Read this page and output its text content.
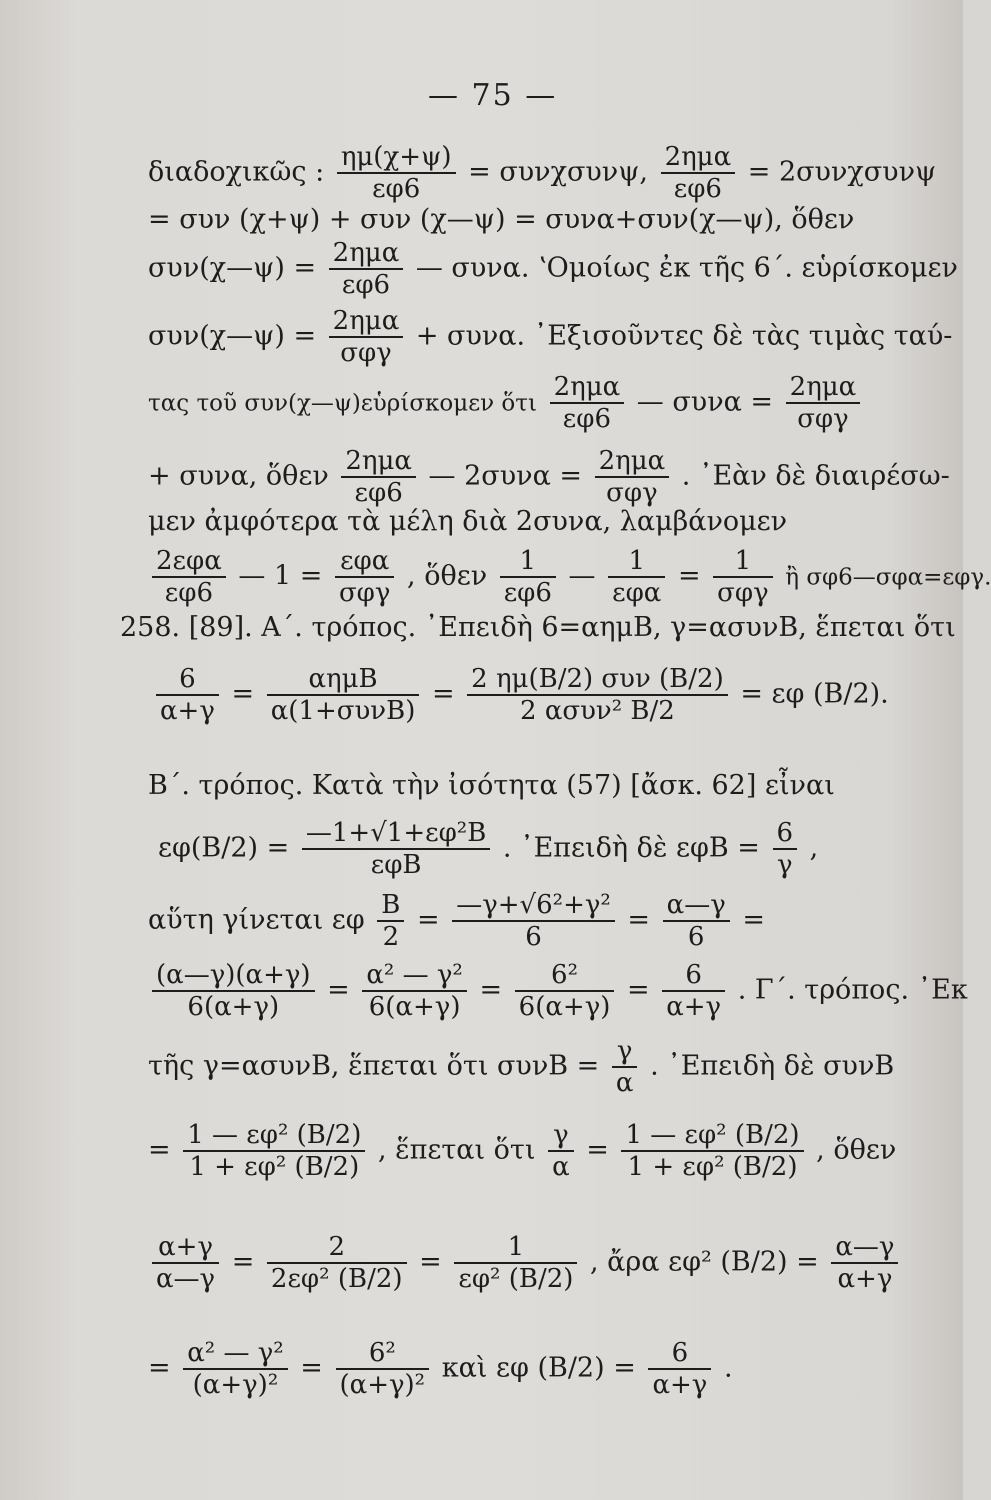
— 75 —
διαδοχικῶς : $\frac{\eta\mu(\chi+\psi)}{\varepsilon\varphi 6} = \sigma\upsilon\nu\chi\sigma\upsilon\nu\psi$, $\frac{\text{2ημα}}{\varepsilon\varphi 6} = 2\sigma\upsilon\nu\chi\sigma\upsilon\nu\psi$
= συν (χ+ψ) + συν (χ—ψ) = συνα+συν(χ—ψ), ὅθεν
συν(χ—ψ) = $\frac{\text{2ημα}}{\varepsilon\varphi 6}$ — συνα. ʽΟμοίως ἐκ τῆς 6΄. εὑρίσκομεν
συν(χ—ψ) = $\frac{\text{2ημα}}{\text{σφγ}} + \sigma\upsilon\nu\alpha$. ᾿Εξισοῦντες δὲ τὰς τιμὰς ταύ-
τας τοῦ συν(χ—ψ)εὑρίσκομεν ὅτι $\frac{\text{2ημα}}{\varepsilon\varphi 6}$ — $\sigma\upsilon\nu\alpha = \frac{\text{2ημα}}{\text{σφγ}}$
+ συνα, ὅθεν $\frac{\text{2ημα}}{\varepsilon\varphi 6}$ — $2\sigma\upsilon\nu\alpha = \frac{\text{2ημα}}{\text{σφγ}}$ . ᾿Εὰν δὲ διαιρέσω-
μεν ἀμφότερα τὰ μέλη διὰ 2συνα, λαμβάνομεν
$\frac{\text{2εφα}}{\varepsilon\varphi 6}$ — $1 = \frac{\text{εφα}}{\text{σφγ}}$ , ὅθεν $\frac{1}{\varepsilon\varphi 6}$ — $\frac{1}{\text{εφα}} = \frac{1}{\text{σφγ}}$ ἢ σφ6—σφα=εφγ.
258. [89]. Α΄. τρόπος. ᾿Επειδὴ 6=αημΒ, γ=ασυνΒ, ἕπεται ὅτι
$\frac{6}{\alpha+\gamma} = \frac{\text{αημΒ}}{\text{α(1+συνΒ)}} = \frac{\text{2 ημ(Β/2) συν (Β/2)}}{\text{2 ασυν² Β/2}} = \varepsilon\varphi$ (Β/2).
Β΄. τρόπος. Κατὰ τὴν ἰσότητα (57) [ἄσκ. 62] εἶναι
$\varepsilon\varphi(B/2) = \frac{\text{—1+√1+εφ²Β}}{\text{εφΒ}}$ . ᾿Επειδὴ δὲ $\varepsilon\varphi B = \frac{6}{\gamma}$ ,
αὕτη γίνεται εφ $\frac{B}{2} = \frac{\text{—γ+√6²+γ²}}{6} = \frac{\alpha—\gamma}{6}$ =
$\frac{(\alpha—\gamma)(\alpha+\gamma)}{6(\alpha+\gamma)} = \frac{\text{α² — γ²}}{6(\alpha+\gamma)} = \frac{\text{6²}}{6(\alpha+\gamma)} = \frac{6}{\alpha+\gamma}$ . Γ΄. τρόπος. ᾿Εκ
τῆς γ=ασυνΒ, ἕπεται ὅτι $\sigma\upsilon\nu B = \frac{\gamma}{\alpha}$ . ᾿Επειδὴ δὲ συνΒ
= $\frac{\text{1 — εφ² (Β/2)}}{\text{1 + εφ² (Β/2)}}$ , ἕπεται ὅτι $\frac{\gamma}{\alpha} = \frac{\text{1 — εφ² (Β/2)}}{\text{1 + εφ² (Β/2)}}$ , ὅθεν
$\frac{\alpha+\gamma}{\alpha—\gamma} = \frac{2}{\text{2εφ² (Β/2)}} = \frac{1}{\text{εφ² (Β/2)}}$ , ἄρα εφ² $(B/2) = \frac{\alpha—\gamma}{\alpha+\gamma}$
= $\frac{\text{α² — γ²}}{\text{(α+γ)²}} = \frac{\text{6²}}{\text{(α+γ)²}}$ καὶ εφ $(B/2) = \frac{6}{\alpha+\gamma}$ .
